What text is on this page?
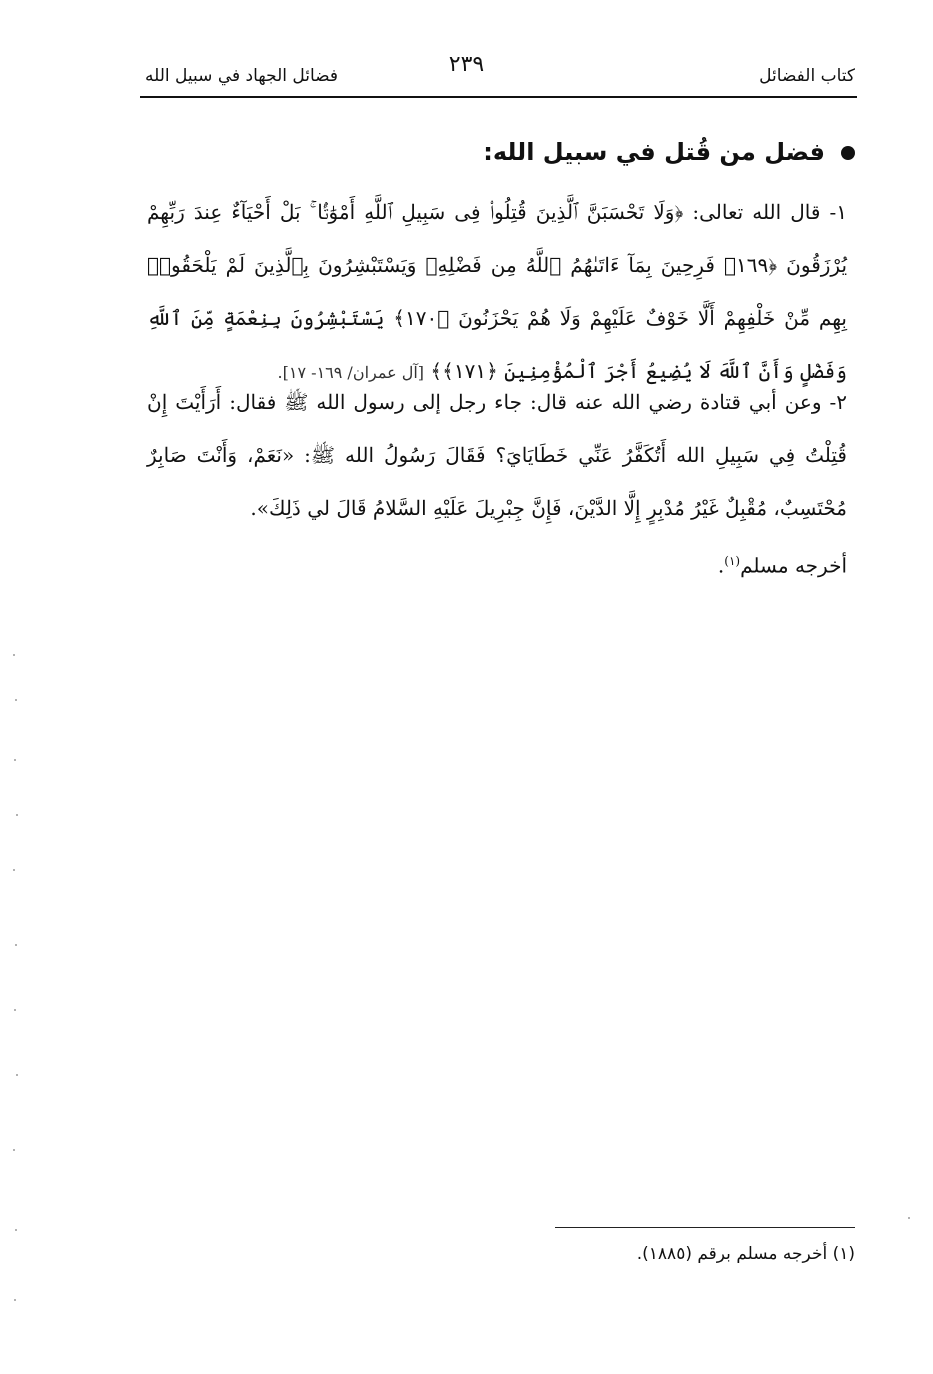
كتاب الفضائل
٢٣٩
فضائل الجهاد في سبيل الله
فضل من قُتل في سبيل الله:
١- قال الله تعالى: ﴿وَلَا تَحْسَبَنَّ ٱلَّذِينَ قُتِلُوا۟ فِى سَبِيلِ ٱللَّهِ أَمْوَٰتًۢا ۚ بَلْ أَحْيَآءٌ عِندَ رَبِّهِمْ يُرْزَقُونَ ﴿١٦٩﴾ فَرِحِينَ بِمَآ ءَاتَىٰهُمُ ٱللَّهُ مِن فَضْلِهِۦ وَيَسْتَبْشِرُونَ بِٱلَّذِينَ لَمْ يَلْحَقُوا۟ بِهِم مِّنْ خَلْفِهِمْ أَلَّا خَوْفٌ عَلَيْهِمْ وَلَا هُمْ يَحْزَنُونَ ﴿١٧٠﴾ يَسْتَبْشِرُونَ بِنِعْمَةٍ مِّنَ ٱللَّهِ وَفَضْلٍ وَأَنَّ ٱللَّهَ لَا يُضِيعُ أَجْرَ ٱلْمُؤْمِنِينَ ﴿١٧١﴾﴾ [آل عمران/ ١٦٩- ١٧].
٢- وعن أبي قتادة رضي الله عنه قال: جاء رجل إلى رسول الله ﷺ فقال: أَرَأَيْتَ إِنْ قُتِلْتُ فِي سَبِيلِ الله أَتُكَفَّرُ عَنِّي خَطَايَايَ؟ فَقَالَ رَسُولُ الله ﷺ: «نَعَمْ، وَأَنْتَ صَابِرٌ مُحْتَسِبٌ، مُقْبِلٌ غَيْرُ مُدْبِرٍ إِلَّا الدَّيْنَ، فَإِنَّ جِبْرِيلَ عَلَيْهِ السَّلامُ قَالَ لي ذَلِكَ».
أخرجه مسلم$^{(١)}$.
(١) أخرجه مسلم برقم (١٨٨٥).
